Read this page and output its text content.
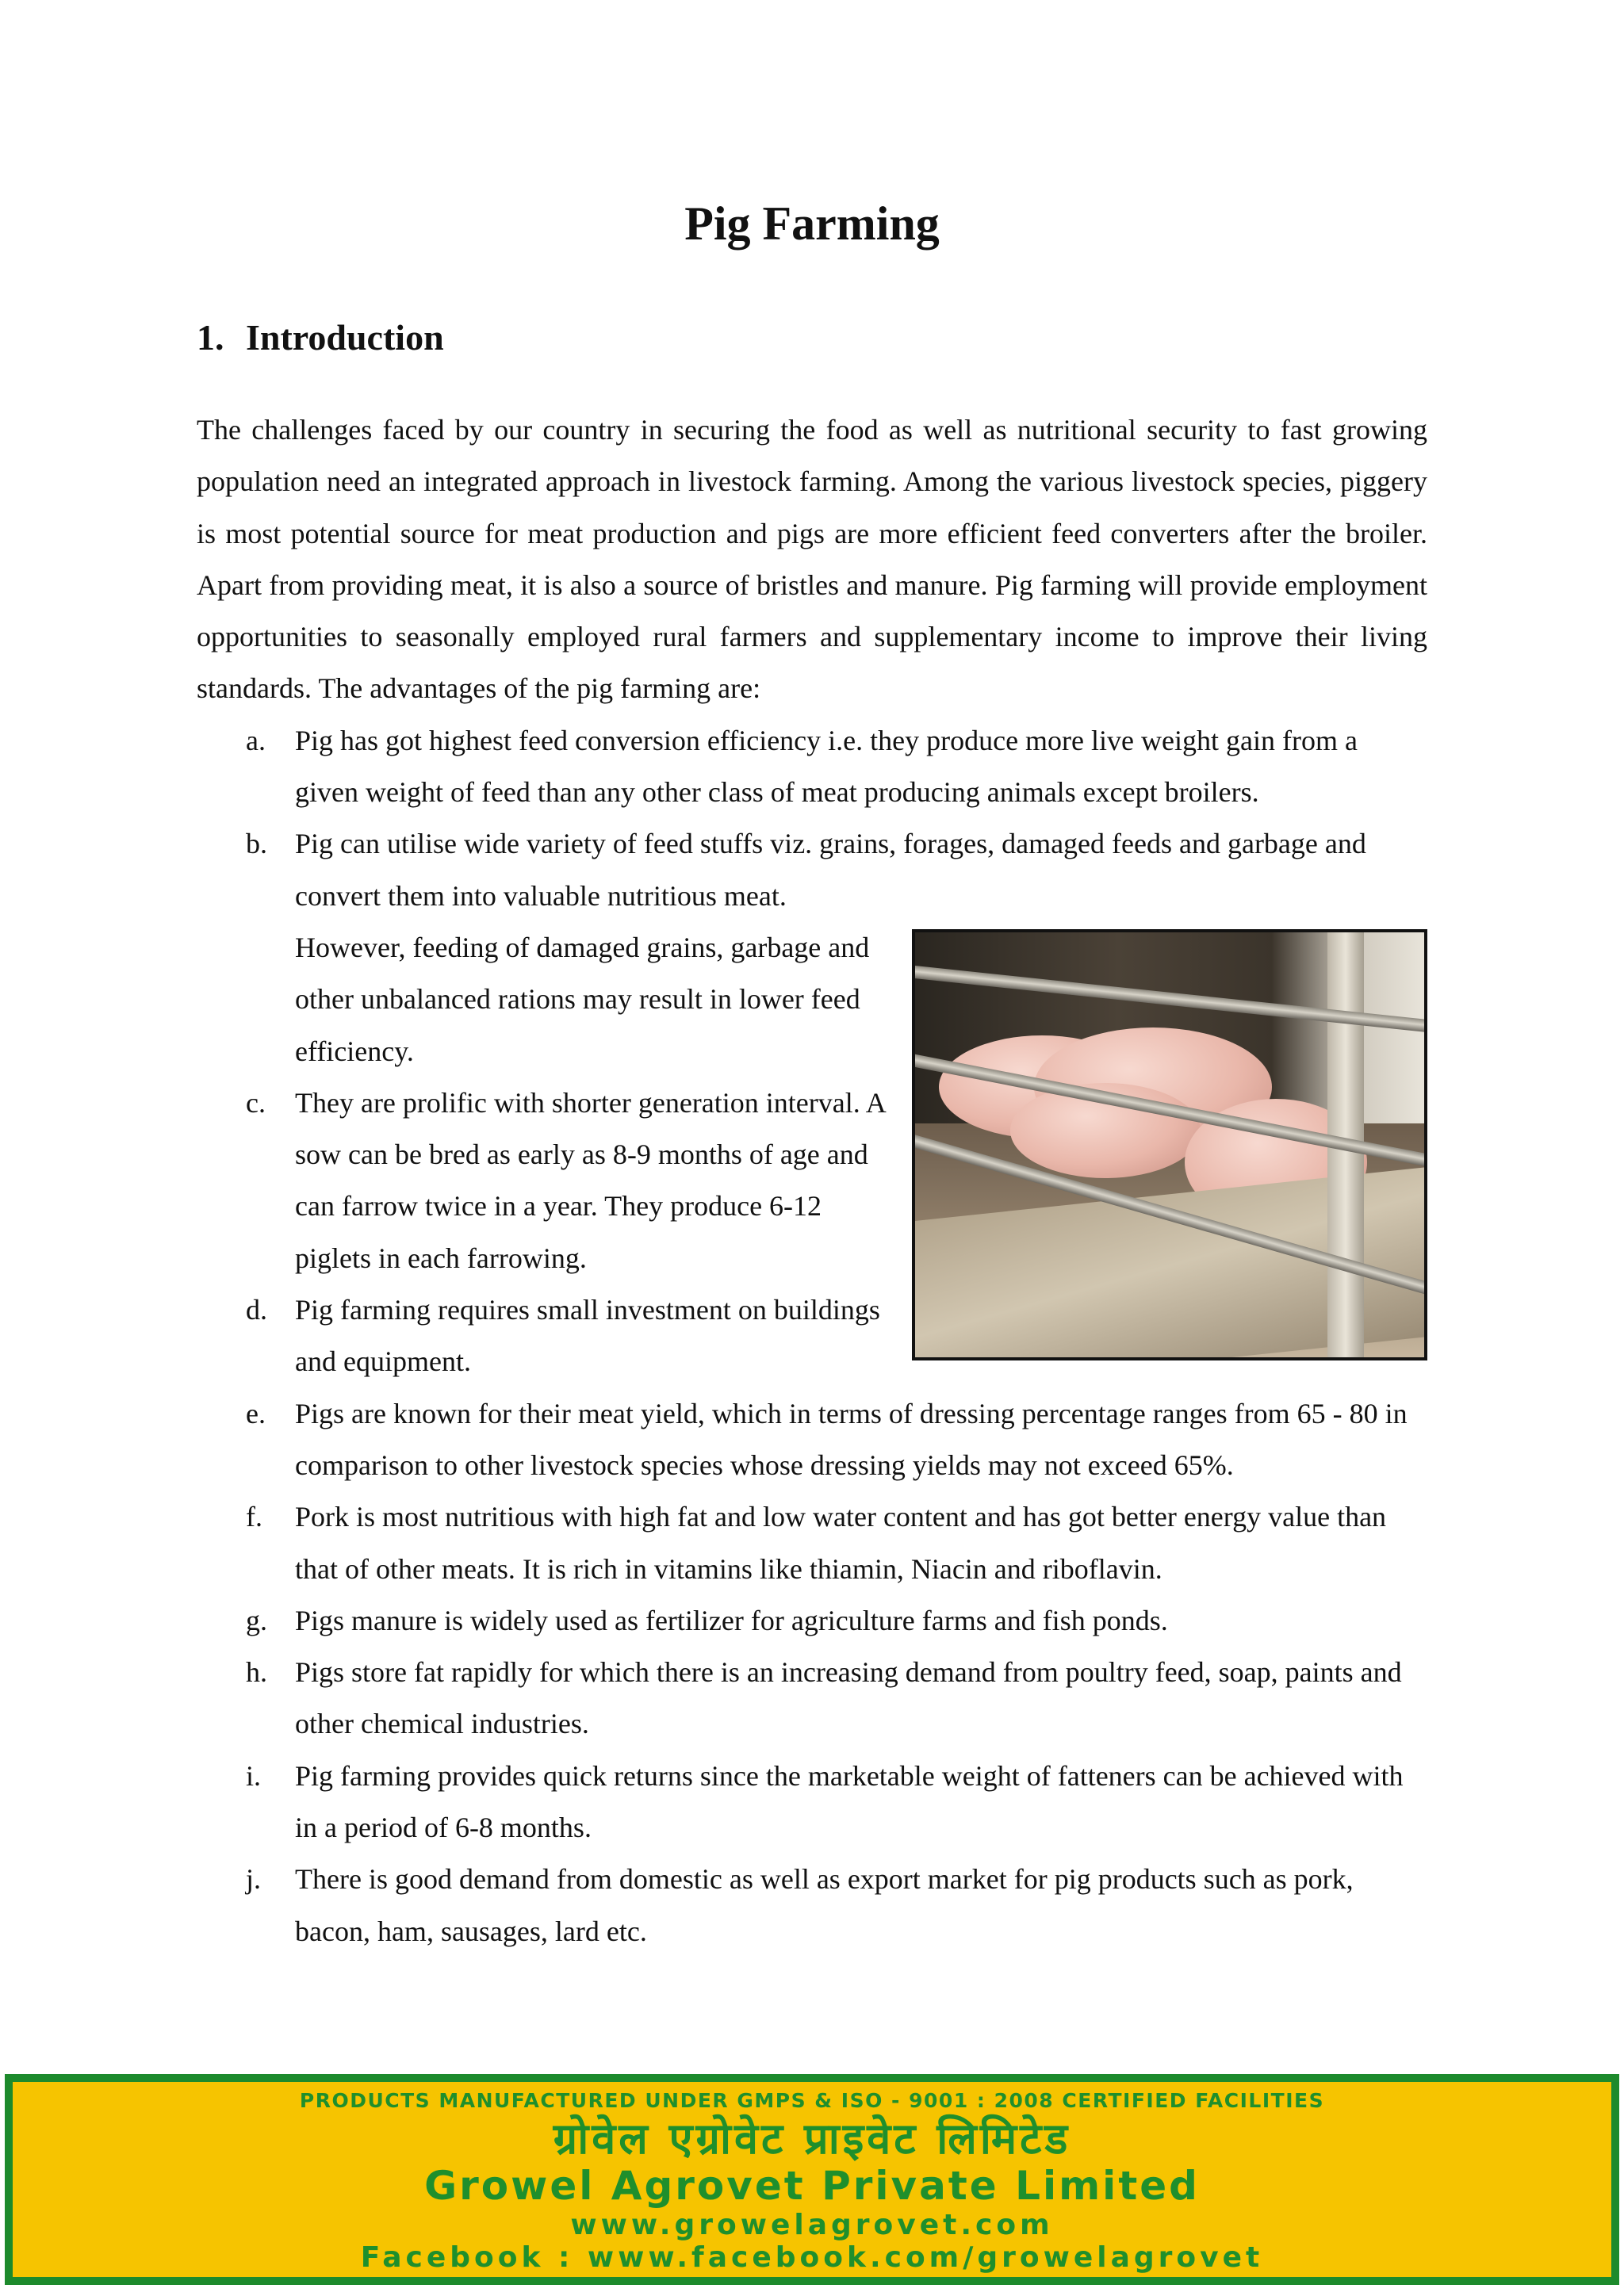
Pig Farming
1. Introduction

The challenges faced by our country in securing the food as well as nutritional security to fast growing population need an integrated approach in livestock farming. Among the various livestock species, piggery is most potential source for meat production and pigs are more efficient feed converters after the broiler. Apart from providing meat, it is also a source of bristles and manure. Pig farming will provide employment opportunities to seasonally employed rural farmers and supplementary income to improve their living standards. The advantages of the pig farming are:

a. Pig has got highest feed conversion efficiency i.e. they produce more live weight gain from a given weight of feed than any other class of meat producing animals except broilers.

b. Pig can utilise wide variety of feed stuffs viz. grains, forages, damaged feeds and garbage and convert them into valuable nutritious meat.

However, feeding of damaged grains, garbage and other unbalanced rations may result in lower feed efficiency.

c. They are prolific with shorter generation interval. A sow can be bred as early as 8-9 months of age and can farrow twice in a year. They produce 6-12 piglets in each farrowing.

d. Pig farming requires small investment on buildings and equipment.

e. Pigs are known for their meat yield, which in terms of dressing percentage ranges from 65 - 80 in comparison to other livestock species whose dressing yields may not exceed 65%.

f. Pork is most nutritious with high fat and low water content and has got better energy value than that of other meats. It is rich in vitamins like thiamin, Niacin and riboflavin.

g. Pigs manure is widely used as fertilizer for agriculture farms and fish ponds.

h. Pigs store fat rapidly for which there is an increasing demand from poultry feed, soap, paints and other chemical industries.

i. Pig farming provides quick returns since the marketable weight of fatteners can be achieved with in a period of 6-8 months.

j. There is good demand from domestic as well as export market for pig products such as pork, bacon, ham, sausages, lard etc.

PRODUCTS MANUFACTURED UNDER GMPS & ISO - 9001 : 2008 CERTIFIED FACILITIES
ग्रोवेल एग्रोवेट प्राइवेट लिमिटेड
Growel Agrovet Private Limited
www.growelagrovet.com
Facebook : www.facebook.com/growelagrovet
